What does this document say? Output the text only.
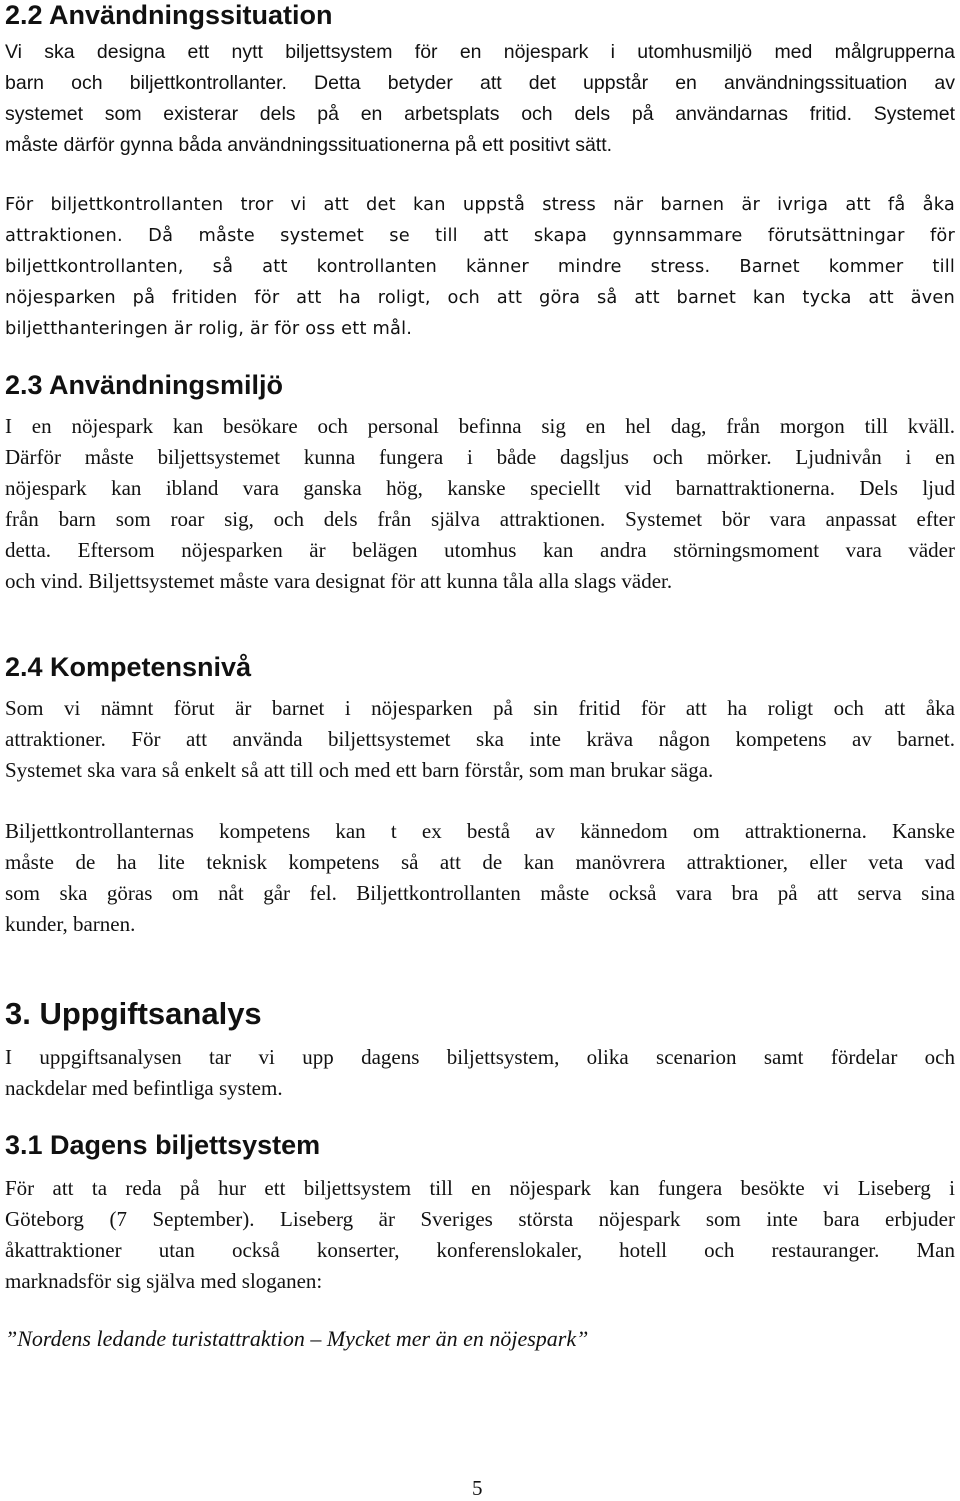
2.2 Användningssituation
Vi ska designa ett nytt biljettsystem för en nöjespark i utomhusmiljö med målgrupperna
barn och biljettkontrollanter. Detta betyder att det uppstår en användningssituation av
systemet som existerar dels på en arbetsplats och dels på användarnas fritid. Systemet
måste därför gynna båda användningssituationerna på ett positivt sätt.
För biljettkontrollanten tror vi att det kan uppstå stress när barnen är ivriga att få åka
attraktionen. Då måste systemet se till att skapa gynnsammare förutsättningar för
biljettkontrollanten, så att kontrollanten känner mindre stress. Barnet kommer till
nöjesparken på fritiden för att ha roligt, och att göra så att barnet kan tycka att även
biljetthanteringen är rolig, är för oss ett mål.
2.3 Användningsmiljö
I en nöjespark kan besökare och personal befinna sig en hel dag, från morgon till kväll.
Därför måste biljettsystemet kunna fungera i både dagsljus och mörker. Ljudnivån i en
nöjespark kan ibland vara ganska hög, kanske speciellt vid barnattraktionerna. Dels ljud
från barn som roar sig, och dels från själva attraktionen. Systemet bör vara anpassat efter
detta. Eftersom nöjesparken är belägen utomhus kan andra störningsmoment vara väder
och vind. Biljettsystemet måste vara designat för att kunna tåla alla slags väder.
2.4 Kompetensnivå
Som vi nämnt förut är barnet i nöjesparken på sin fritid för att ha roligt och att åka
attraktioner. För att använda biljettsystemet ska inte kräva någon kompetens av barnet.
Systemet ska vara så enkelt så att till och med ett barn förstår, som man brukar säga.
Biljettkontrollanternas kompetens kan t ex bestå av kännedom om attraktionerna. Kanske
måste de ha lite teknisk kompetens så att de kan manövrera attraktioner, eller veta vad
som ska göras om nåt går fel. Biljettkontrollanten måste också vara bra på att serva sina
kunder, barnen.
3. Uppgiftsanalys
I uppgiftsanalysen tar vi upp dagens biljettsystem, olika scenarion samt fördelar och
nackdelar med befintliga system.
3.1 Dagens biljettsystem
För att ta reda på hur ett biljettsystem till en nöjespark kan fungera besökte vi Liseberg i
Göteborg (7 September). Liseberg är Sveriges största nöjespark som inte bara erbjuder
åkattraktioner utan också konserter, konferenslokaler, hotell och restauranger. Man
marknadsför sig själva med sloganen:
”Nordens ledande turistattraktion – Mycket mer än en nöjespark”
5
